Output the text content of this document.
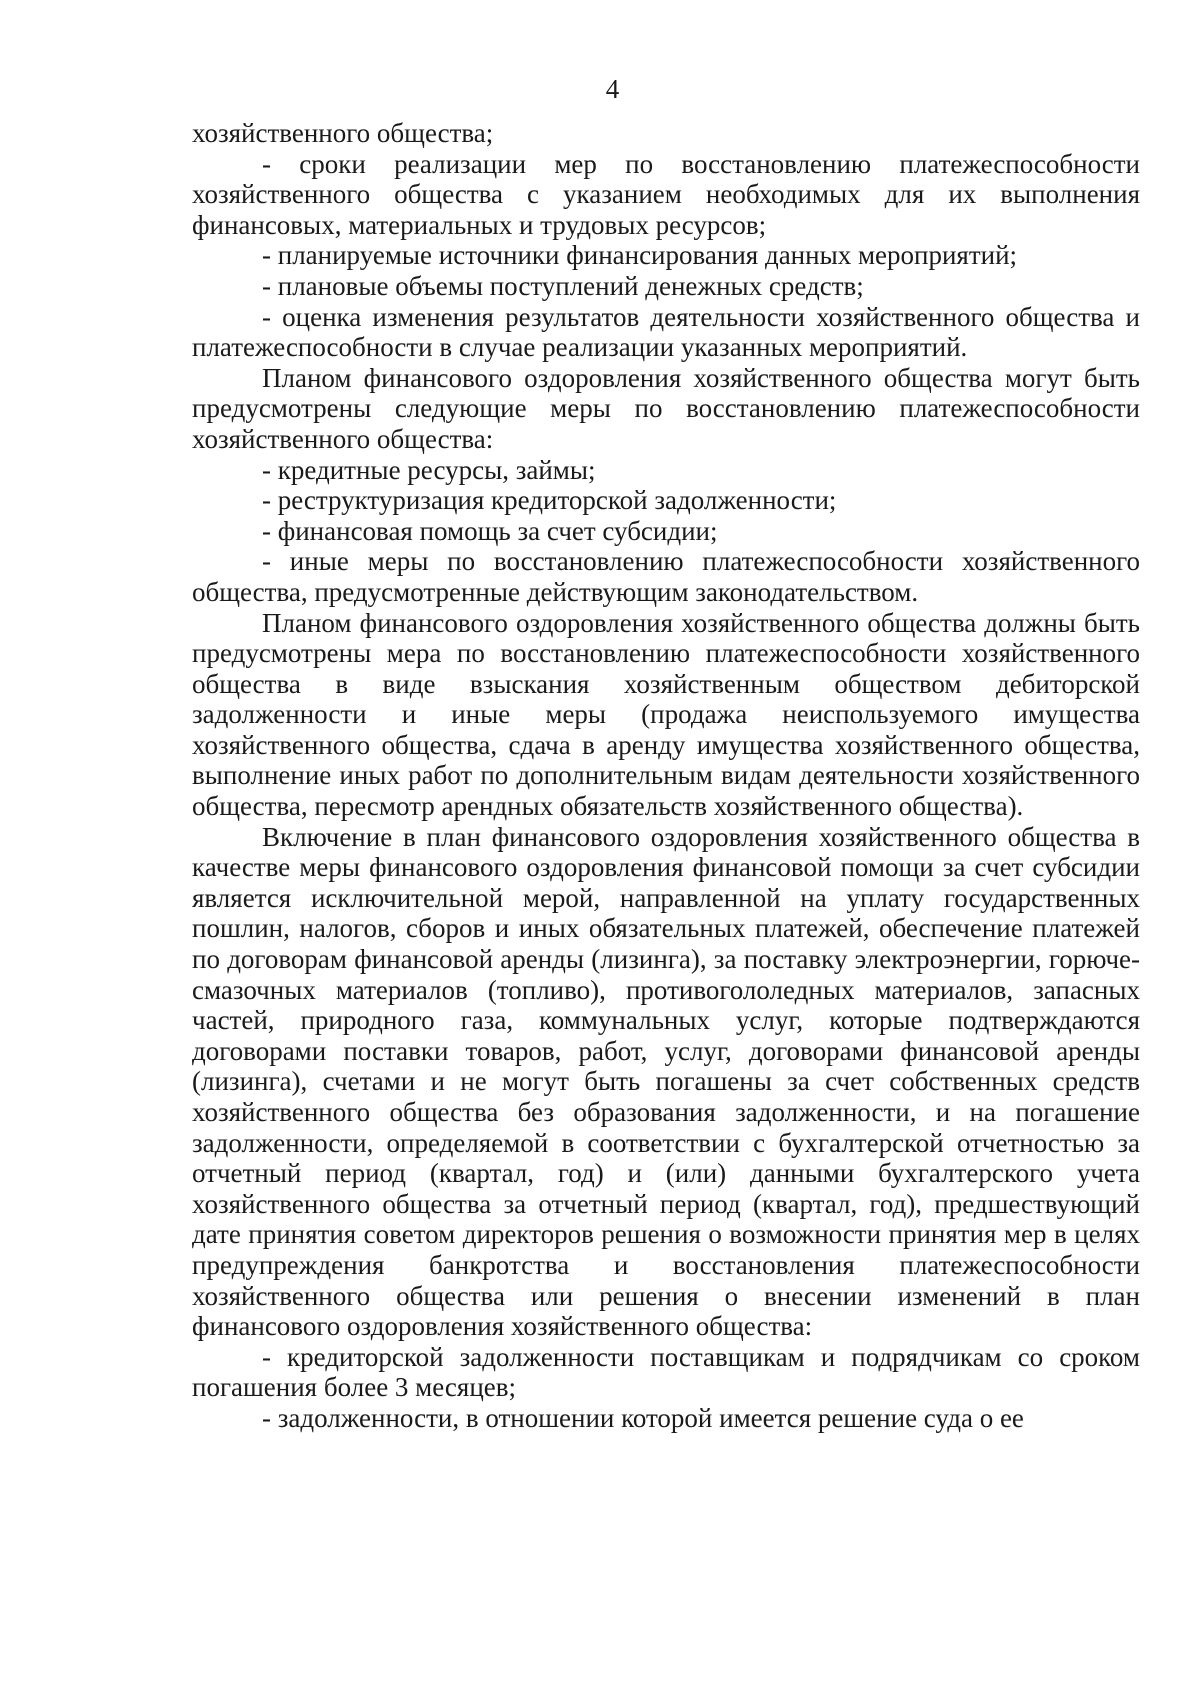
4

хозяйственного общества;

- сроки реализации мер по восстановлению платежеспособности хозяйственного общества с указанием необходимых для их выполнения финансовых, материальных и трудовых ресурсов;

- планируемые источники финансирования данных мероприятий;

- плановые объемы поступлений денежных средств;

- оценка изменения результатов деятельности хозяйственного общества и платежеспособности в случае реализации указанных мероприятий.

Планом финансового оздоровления хозяйственного общества могут быть предусмотрены следующие меры по восстановлению платежеспособности хозяйственного общества:

- кредитные ресурсы, займы;

- реструктуризация кредиторской задолженности;

- финансовая помощь за счет субсидии;

- иные меры по восстановлению платежеспособности хозяйственного общества, предусмотренные действующим законодательством.

Планом финансового оздоровления хозяйственного общества должны быть предусмотрены мера по восстановлению платежеспособности хозяйственного общества в виде взыскания хозяйственным обществом дебиторской задолженности и иные меры (продажа неиспользуемого имущества хозяйственного общества, сдача в аренду имущества хозяйственного общества, выполнение иных работ по дополнительным видам деятельности хозяйственного общества, пересмотр арендных обязательств хозяйственного общества).

Включение в план финансового оздоровления хозяйственного общества в качестве меры финансового оздоровления финансовой помощи за счет субсидии является исключительной мерой, направленной на уплату государственных пошлин, налогов, сборов и иных обязательных платежей, обеспечение платежей по договорам финансовой аренды (лизинга), за поставку электроэнергии, горюче-смазочных материалов (топливо), противогололедных материалов, запасных частей, природного газа, коммунальных услуг, которые подтверждаются договорами поставки товаров, работ, услуг, договорами финансовой аренды (лизинга), счетами и не могут быть погашены за счет собственных средств хозяйственного общества без образования задолженности, и на погашение задолженности, определяемой в соответствии с бухгалтерской отчетностью за отчетный период (квартал, год) и (или) данными бухгалтерского учета хозяйственного общества за отчетный период (квартал, год), предшествующий дате принятия советом директоров решения о возможности принятия мер в целях предупреждения банкротства и восстановления платежеспособности хозяйственного общества или решения о внесении изменений в план финансового оздоровления хозяйственного общества:

- кредиторской задолженности поставщикам и подрядчикам со сроком погашения более 3 месяцев;

- задолженности, в отношении которой имеется решение суда о ее
